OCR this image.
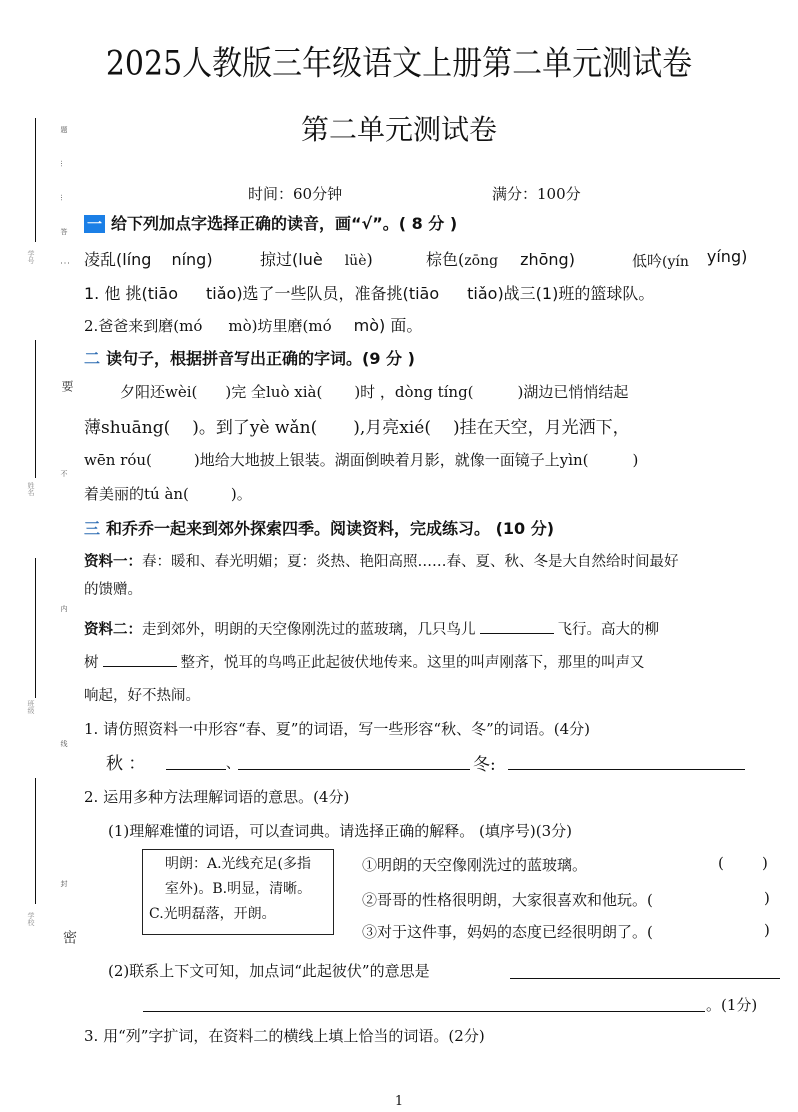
学号
姓名
班级
学校
题
…
…
答
⋮
要
不
内
线
封
密
2025人教版三年级语文上册第二单元测试卷
第二单元测试卷
时间：60分钟	满分：100分
一 给下列加点字选择正确的读音，画“√”。( 8 分 )
凌乱(líng níng)	掠过(luè lüè)	棕色(zōng zhōng)	低吟(yín yíng)
1. 他 挑(tiāo tiǎo)选了一些队员，准备挑(tiāo tiǎo)战三(1)班的篮球队。
2.爸爸来到磨(mó mò)坊里磨(mó mò) 面。
二 读句子，根据拼音写出正确的字词。(9 分 )
夕阳还wèi( )完 全luò xià( )时 ，dòng tíng(	)湖边已悄悄结起
薄shuāng( )。到了yè wǎn( ),月亮xié( )挂在天空，月光洒下，
wēn róu(	)地给大地披上银装。湖面倒映着月影，就像一面镜子上yìn(	)
着美丽的tú àn(	)。
三 和乔乔一起来到郊外探索四季。阅读资料，完成练习。 (10 分)
资料一：春：暖和、春光明媚；夏：炎热、艳阳高照……春、夏、秋、冬是大自然给时间最好
的馈赠。
资料二：走到郊外，明朗的天空像刚洗过的蓝玻璃，几只鸟儿	飞行。高大的柳
树	整齐，悦耳的鸟鸣正此起彼伏地传来。这里的叫声刚落下，那里的叫声又
响起，好不热闹。
1. 请仿照资料一中形容“春、夏”的词语，写一些形容“秋、冬”的词语。(4分)
秋 ：	、	冬:
2. 运用多种方法理解词语的意思。(4分)
(1)理解难懂的词语，可以查词典。请选择正确的解释。 (填序号)(3分)
明朗：A.光线充足(多指
室外)。B.明显，清晰。
C.光明磊落，开朗。
①明朗的天空像刚洗过的蓝玻璃。	(        )
②哥哥的性格很明朗，大家很喜欢和他玩。(	)
③对于这件事，妈妈的态度已经很明朗了。(	)
(2)联系上下文可知，加点词“此起彼伏”的意思是
。(1分)
3. 用“列”字扩词，在资料二的横线上填上恰当的词语。(2分)
1
